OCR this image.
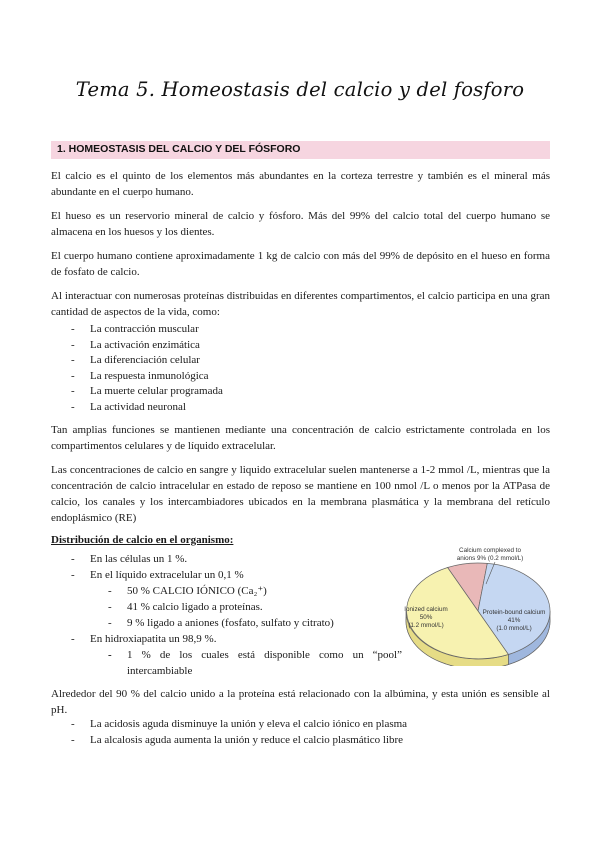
Tema 5. Homeostasis del calcio y del fosforo
1. HOMEOSTASIS DEL CALCIO Y DEL FÓSFORO

El calcio es el quinto de los elementos más abundantes en la corteza terrestre y también es el mineral más abundante en el cuerpo humano.

El hueso es un reservorio mineral de calcio y fósforo. Más del 99% del calcio total del cuerpo humano se almacena en los huesos y los dientes.

El cuerpo humano contiene aproximadamente 1 kg de calcio con más del 99% de depósito en el hueso en forma de fosfato de calcio.

Al interactuar con numerosas proteínas distribuidas en diferentes compartimentos, el calcio participa en una gran cantidad de aspectos de la vida, como:

- La contracción muscular
- La activación enzimática
- La diferenciación celular
- La respuesta inmunológica
- La muerte celular programada
- La actividad neuronal

Tan amplias funciones se mantienen mediante una concentración de calcio estrictamente controlada en los compartimentos celulares y de líquido extracelular.

Las concentraciones de calcio en sangre y liquido extracelular suelen mantenerse a 1-2 mmol /L, mientras que la concentración de calcio intracelular en estado de reposo se mantiene en 100 nmol /L o menos por la ATPasa de calcio, los canales y los intercambiadores ubicados en la membrana plasmática y la membrana del retículo endoplásmico (RE)

Distribución de calcio en el organismo:
- En las células un 1 %.
- En el líquido extracelular un 0,1 %
- 50 % CALCIO IÓNICO (Ca₂⁺)
- 41 % calcio ligado a proteínas.
- 9 % ligado a aniones (fosfato, sulfato y citrato)
- En hidroxiapatita un 98,9 %.
- 1 % de los cuales está disponible como un “pool” intercambiable
Calcium complexed to
anions 9% (0.2 mmol/L)
Ionized calcium
50%
(1.2 mmol/L)
Protein-bound calcium
41%
(1.0 mmol/L)

Alrededor del 90 % del calcio unido a la proteína está relacionado con la albúmina, y esta unión es sensible al pH.

- La acidosis aguda disminuye la unión y eleva el calcio iónico en plasma
- La alcalosis aguda aumenta la unión y reduce el calcio plasmático libre
